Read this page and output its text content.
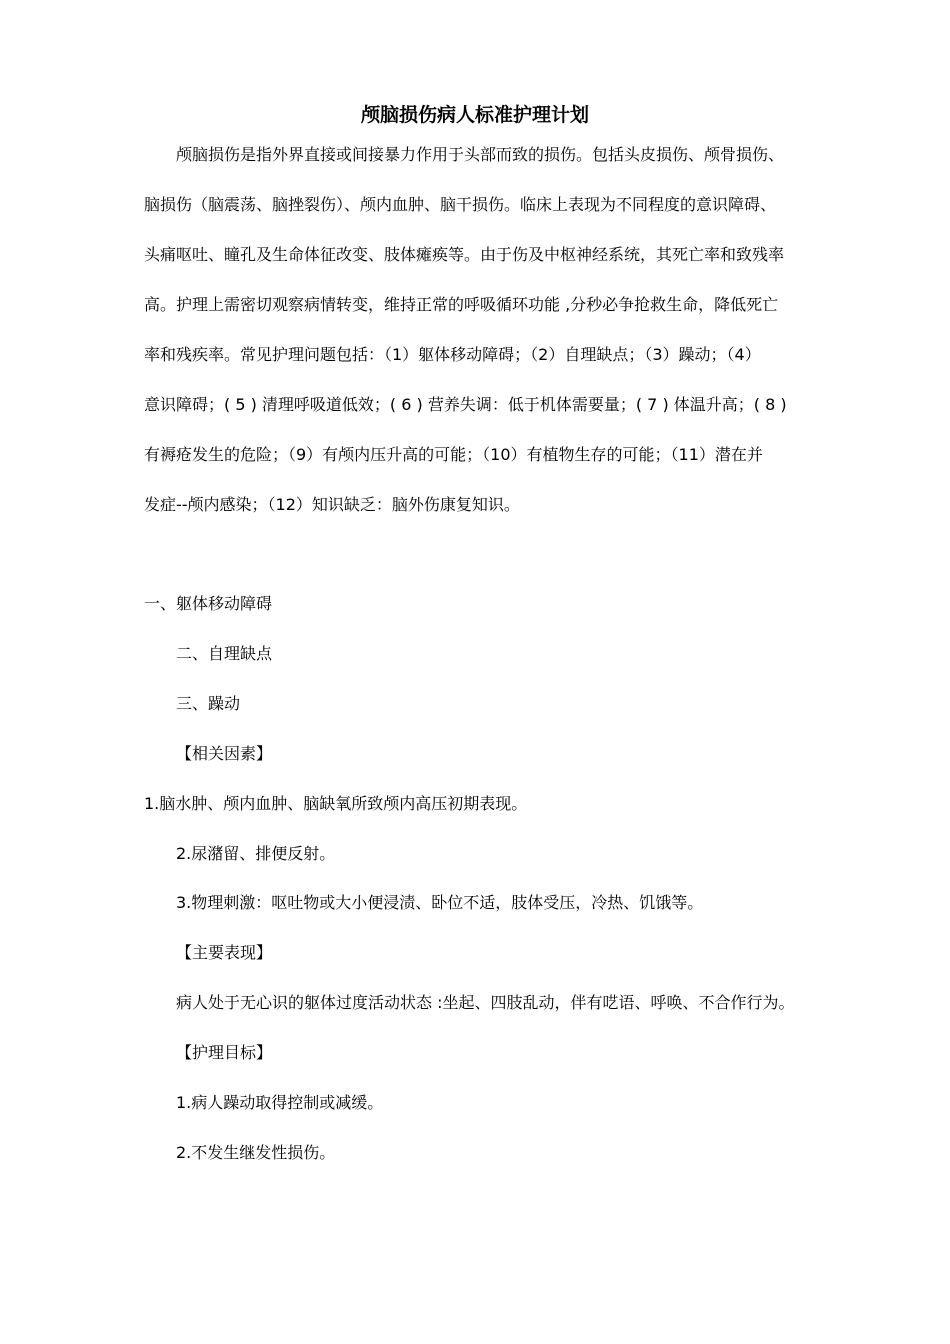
颅脑损伤病人标准护理计划
颅脑损伤是指外界直接或间接暴力作用于头部而致的损伤。包括头皮损伤、颅骨损伤、
脑损伤（脑震荡、脑挫裂伤）、颅内血肿、脑干损伤。临床上表现为不同程度的意识障碍、
头痛呕吐、瞳孔及生命体征改变、肢体瘫痪等。由于伤及中枢神经系统，其死亡率和致残率
高。护理上需密切观察病情转变，维持正常的呼吸循环功能 ,分秒必争抢救生命，降低死亡
率和残疾率。常见护理问题包括：（1）躯体移动障碍；（2）自理缺点；（3）躁动；（4）
意识障碍；( 5 ) 清理呼吸道低效；( 6 ) 营养失调：低于机体需要量；( 7 ) 体温升高；( 8 )
有褥疮发生的危险；（9）有颅内压升高的可能；（10）有植物生存的可能；（11）潜在并
发症--颅内感染；（12）知识缺乏：脑外伤康复知识。
一、躯体移动障碍
二、自理缺点
三、躁动
【相关因素】
1.脑水肿、颅内血肿、脑缺氧所致颅内高压初期表现。
2.尿潴留、排便反射。
3.物理刺激：呕吐物或大小便浸渍、卧位不适，肢体受压，冷热、饥饿等。
【主要表现】
病人处于无心识的躯体过度活动状态 :坐起、四肢乱动，伴有呓语、呼唤、不合作行为。
【护理目标】
1.病人躁动取得控制或减缓。
2.不发生继发性损伤。
